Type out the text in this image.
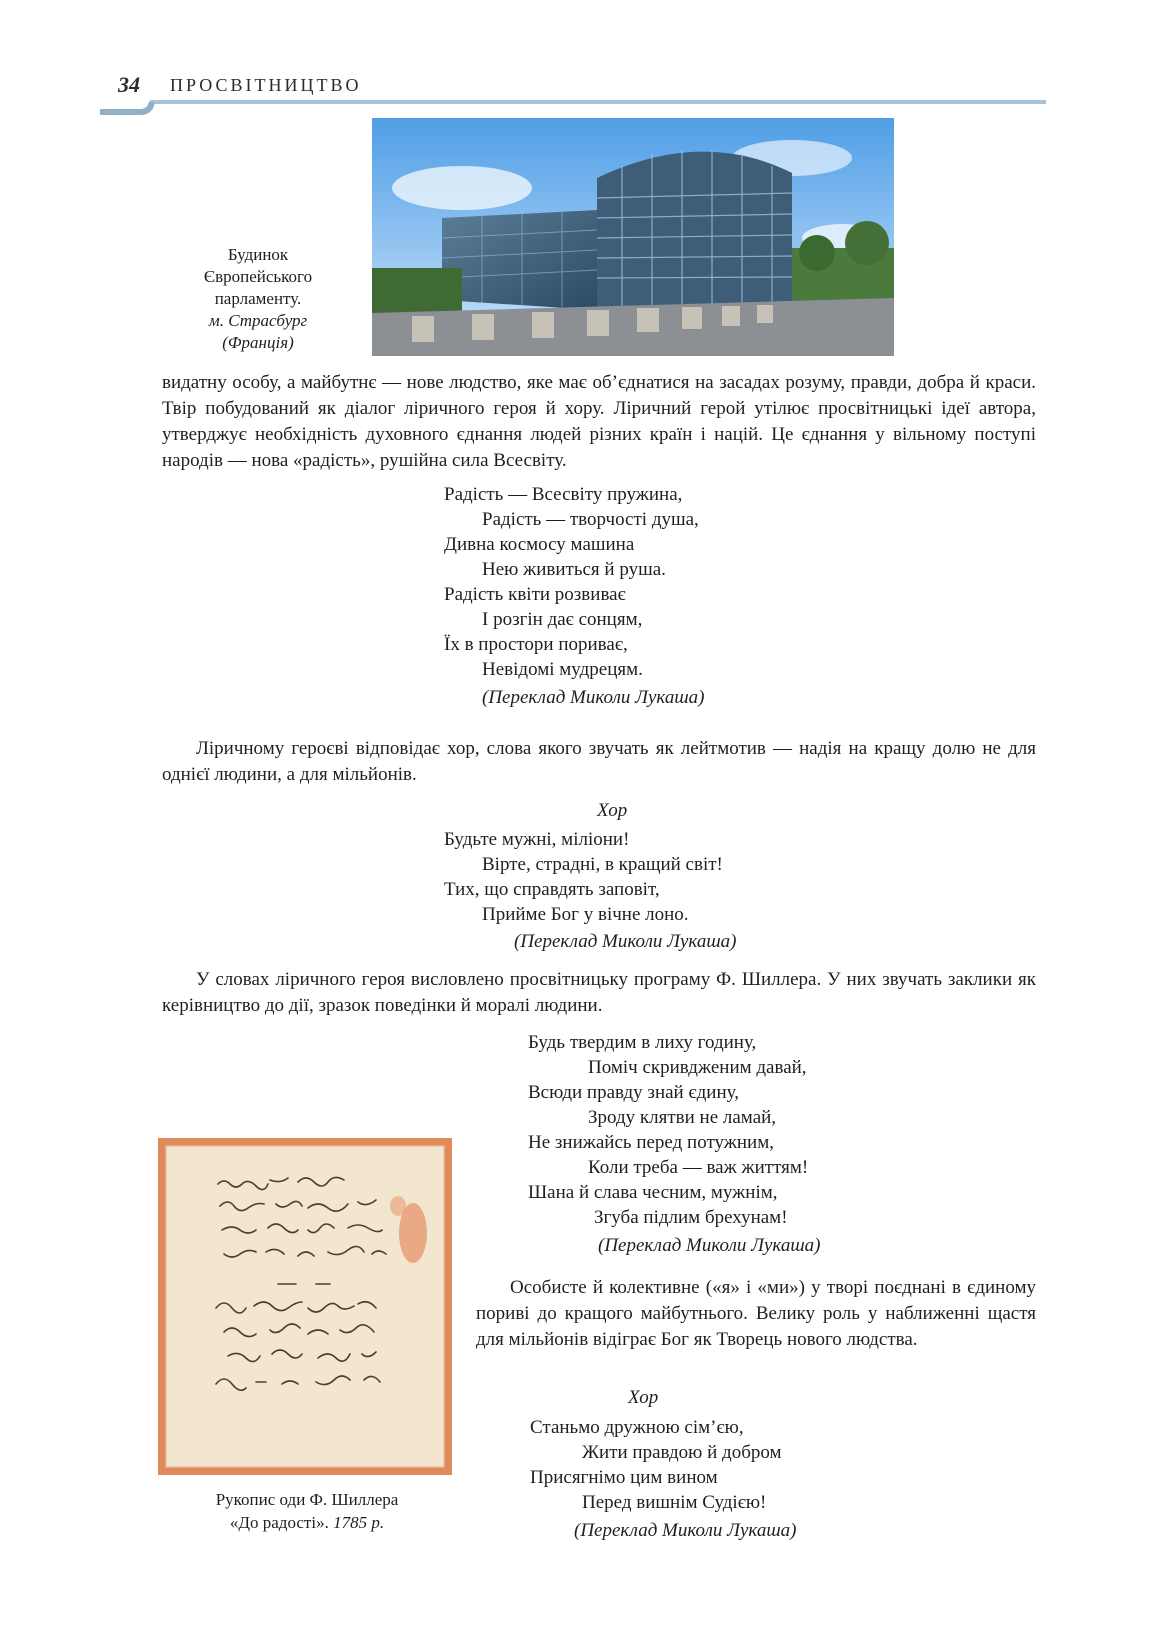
34 ПРОСВІТНИЦТВО
Будинок
Європейського
парламенту.
м. Страсбург
(Франція)
видатну особу, а майбутнє — нове людство, яке має об’єднатися на засадах розуму, правди, добра й краси. Твір побудований як діалог ліричного героя й хору. Ліричний герой утілює просвітницькі ідеї автора, утверджує необхідність духовного єднання людей різних країн і націй. Це єднання у вільному поступі народів — нова «радість», рушійна сила Всесвіту.
Радість — Всесвіту пружина,
Радість — творчості душа,
Дивна космосу машина
Нею живиться й руша.
Радість квіти розвиває
І розгін дає сонцям,
Їх в простори пориває,
Невідомі мудрецям.
(Переклад Миколи Лукаша)
Ліричному героєві відповідає хор, слова якого звучать як лейтмотив — надія на кращу долю не для однієї людини, а для мільйонів.
Хор
Будьте мужні, міліони!
Вірте, страдні, в кращий світ!
Тих, що справдять заповіт,
Прийме Бог у вічне лоно.
(Переклад Миколи Лукаша)
У словах ліричного героя висловлено просвітницьку програму Ф. Шиллера. У них звучать заклики як керівництво до дії, зразок поведінки й моралі людини.
Будь твердим в лиху годину,
Поміч скривдженим давай,
Всюди правду знай єдину,
Зроду клятви не ламай,
Не знижайсь перед потужним,
Коли треба — важ життям!
Шана й слава чесним, мужнім,
Згуба підлим брехунам!
(Переклад Миколи Лукаша)
Рукопис оди Ф. Шиллера
«До радості». 1785 р.
Особисте й колективне («я» і «ми») у творі поєднані в єдиному пориві до кращого майбутнього. Велику роль у наближенні щастя для мільйонів відіграє Бог як Творець нового людства.
Хор
Станьмо дружною сім’єю,
Жити правдою й добром
Присягнімо цим вином
Перед вишнім Судією!
(Переклад Миколи Лукаша)
